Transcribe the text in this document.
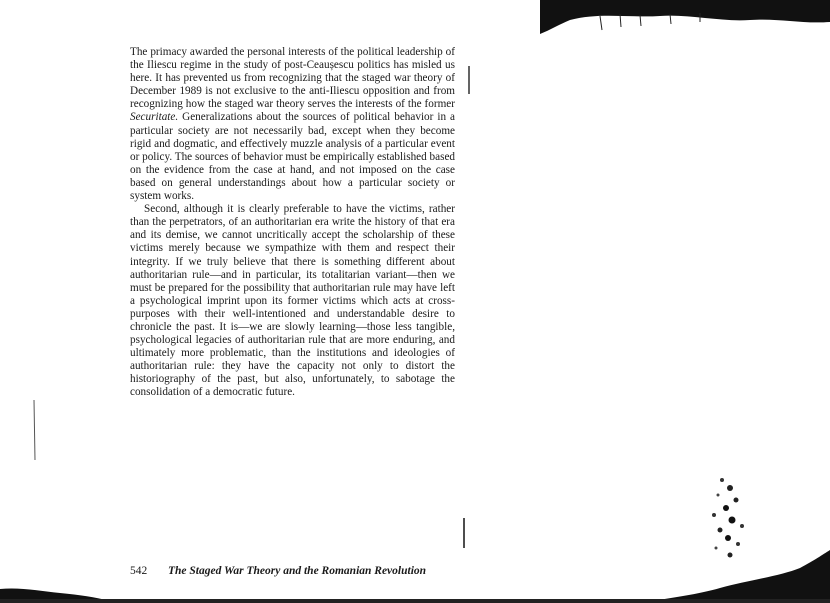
The primacy awarded the personal interests of the political leadership of the Iliescu regime in the study of post-Ceaușescu politics has misled us here. It has prevented us from recognizing that the staged war theory of December 1989 is not exclusive to the anti-Iliescu opposition and from recognizing how the staged war theory serves the interests of the former Securitate. Generalizations about the sources of political behavior in a particular society are not necessarily bad, except when they become rigid and dogmatic, and effectively muzzle analysis of a particular event or policy. The sources of behavior must be empirically established based on the evidence from the case at hand, and not imposed on the case based on general understandings about how a particular society or system works.

Second, although it is clearly preferable to have the victims, rather than the perpetrators, of an authoritarian era write the history of that era and its demise, we cannot uncritically accept the scholarship of these victims merely because we sympathize with them and respect their integrity. If we truly believe that there is something different about authoritarian rule—and in particular, its totalitarian variant—then we must be prepared for the possibility that authoritarian rule may have left a psychological imprint upon its former victims which acts at cross-purposes with their well-intentioned and understandable desire to chronicle the past. It is—we are slowly learning—those less tangible, psychological legacies of authoritarian rule that are more enduring, and ultimately more problematic, than the institutions and ideologies of authoritarian rule: they have the capacity not only to distort the historiography of the past, but also, unfortunately, to sabotage the consolidation of a democratic future.

542 The Staged War Theory and the Romanian Revolution
